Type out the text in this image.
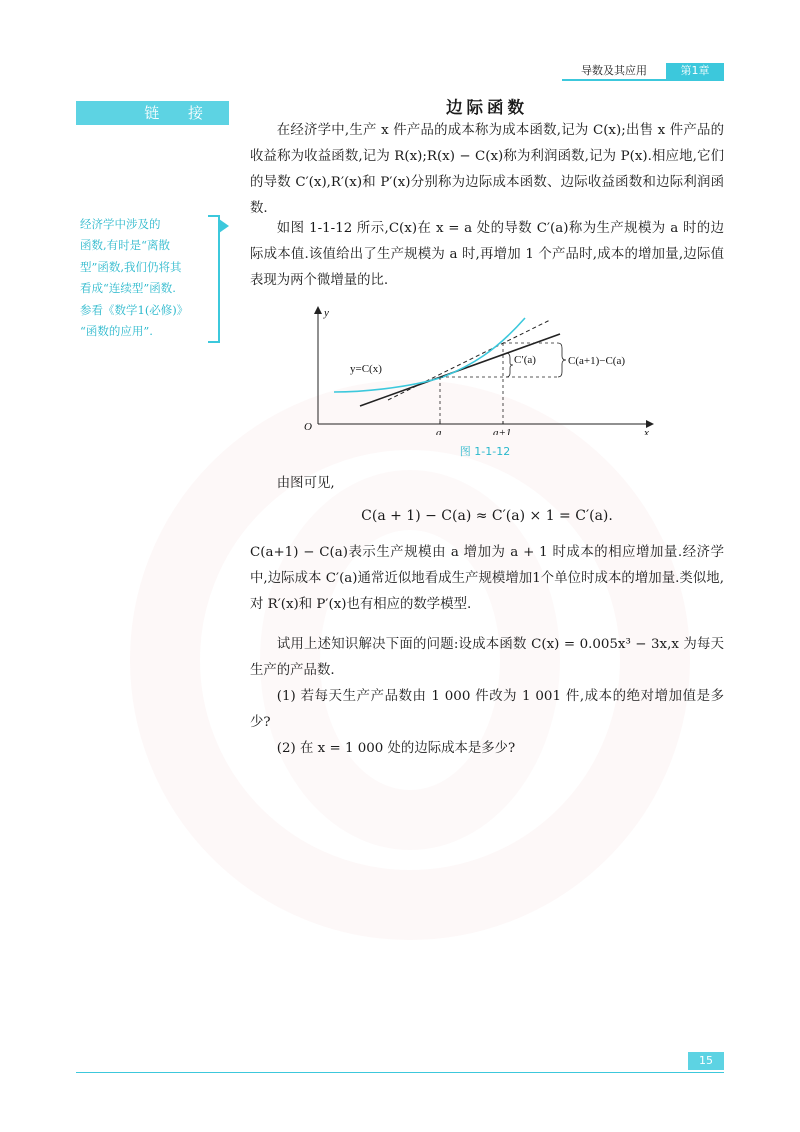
导数及其应用	第1章
链 接

经济学中涉及的

函数,有时是“离散

型”函数,我们仍将其

看成“连续型”函数.

参看《数学1(必修)》

“函数的应用”.

边际函数

在经济学中,生产 x 件产品的成本称为成本函数,记为 C(x);出售 x 件产品的收益称为收益函数,记为 R(x);R(x) − C(x)称为利润函数,记为 P(x).相应地,它们的导数 C′(x),R′(x)和 P′(x)分别称为边际成本函数、边际收益函数和边际利润函数.

如图 1-1-12 所示,C(x)在 x = a 处的导数 C′(a)称为生产规模为 a 时的边际成本值.该值给出了生产规模为 a 时,再增加 1 个产品时,成本的增加量,边际值表现为两个微增量的比.

y
x
O	a	a+1
y=C(x)
C′(a)	C(a+1)−C(a)
图 1-1-12

由图可见,

C(a + 1) − C(a) ≈ C′(a) × 1 = C′(a).

C(a+1) − C(a)表示生产规模由 a 增加为 a + 1 时成本的相应增加量.经济学中,边际成本 C′(a)通常近似地看成生产规模增加1个单位时成本的增加量.类似地,对 R′(x)和 P′(x)也有相应的数学模型.

试用上述知识解决下面的问题:设成本函数 C(x) = 0.005x³ − 3x,x 为每天生产的产品数.

(1) 若每天生产产品数由 1 000 件改为 1 001 件,成本的绝对增加值是多少?

(2) 在 x = 1 000 处的边际成本是多少?

15
